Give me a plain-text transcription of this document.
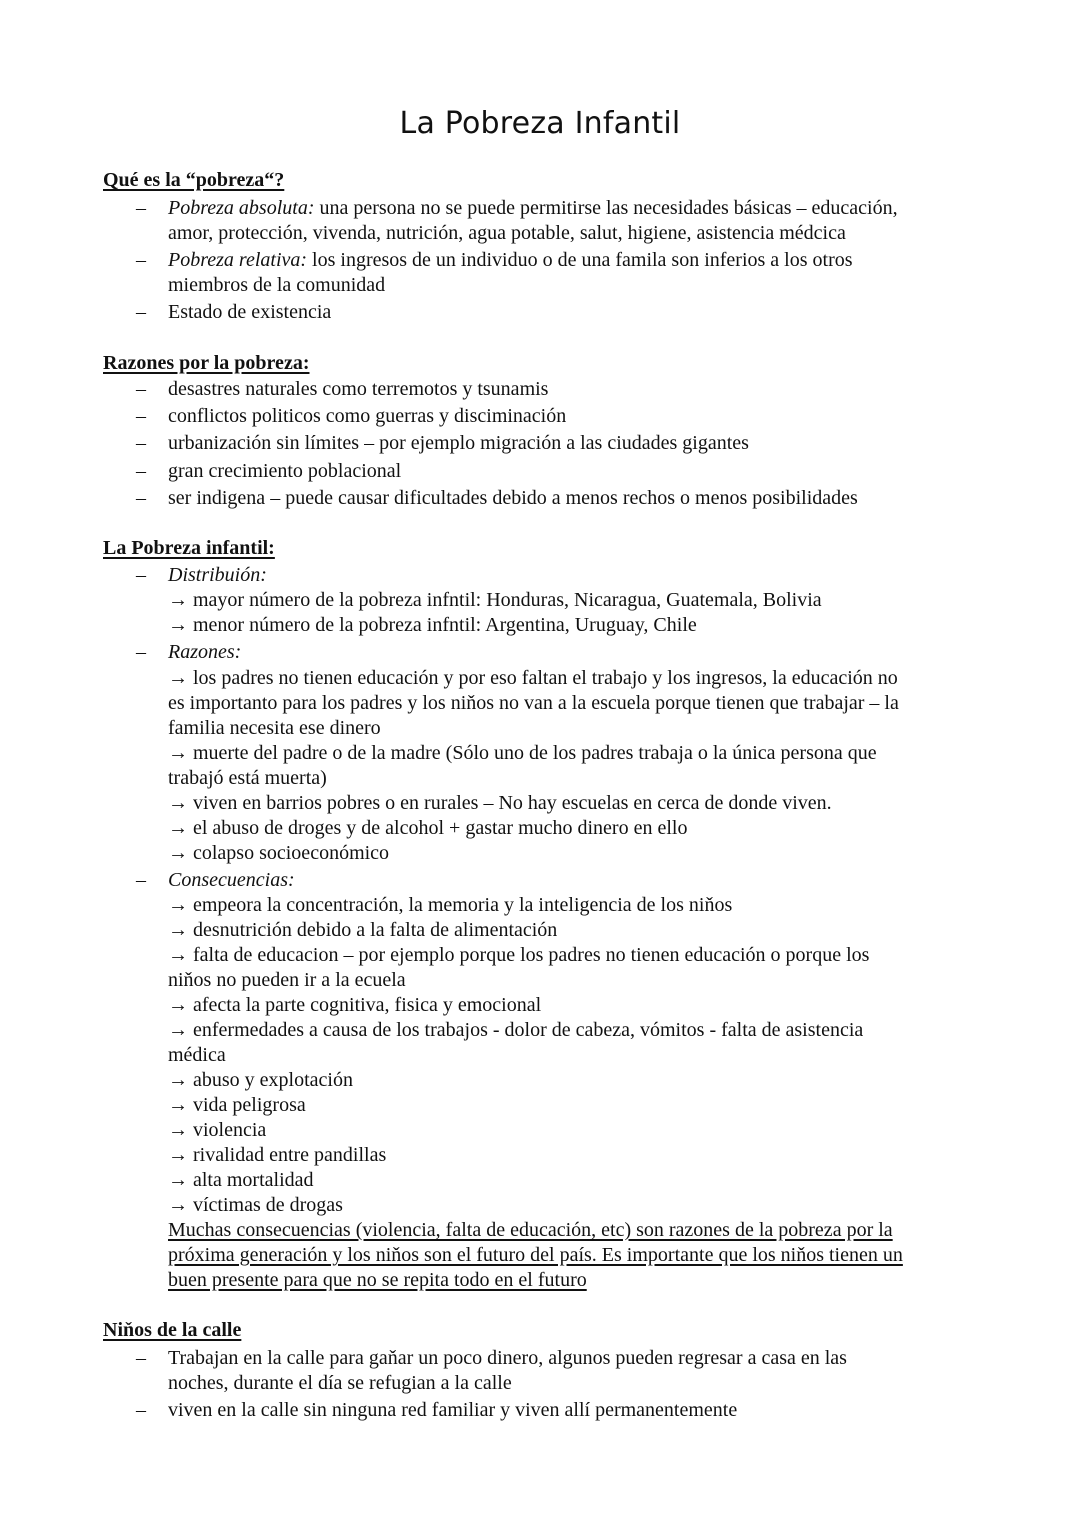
La Pobreza Infantil
Qué es la “pobreza“?
–	Pobreza absoluta: una persona no se puede permitirse las necesidades básicas – educación,
amor, protección, vivenda, nutrición, agua potable, salut, higiene, asistencia médcica
–	Pobreza relativa: los ingresos de un individuo o de una famila son inferios a los otros
miembros de la comunidad
–	Estado de existencia
Razones por la pobreza:
–	desastres naturales como terremotos y tsunamis
–	conflictos politicos como guerras y disciminación
–	urbanización sin límites – por ejemplo migración a las ciudades gigantes
–	gran crecimiento poblacional
–	ser indigena – puede causar dificultades debido a menos rechos o menos posibilidades
La Pobreza infantil:
–	Distribuión:
→ mayor número de la pobreza infntil: Honduras, Nicaragua, Guatemala, Bolivia
→ menor número de la pobreza infntil: Argentina, Uruguay, Chile
–	Razones:
→ los padres no tienen educación y por eso faltan el trabajo y los ingresos, la educación no
es importanto para los padres y los niňos no van a la escuela porque tienen que trabajar – la
familia necesita ese dinero
→ muerte del padre o de la madre (Sólo uno de los padres trabaja o la única persona que
trabajó está muerta)
→ viven en barrios pobres o en rurales – No hay escuelas en cerca de donde viven.
→ el abuso de droges y de alcohol + gastar mucho dinero en ello
→ colapso socioeconómico
–	Consecuencias:
→ empeora la concentración, la memoria y la inteligencia de los niňos
→ desnutrición debido a la falta de alimentación
→ falta de educacion – por ejemplo porque los padres no tienen educación o porque los
niňos no pueden ir a la ecuela
→ afecta la parte cognitiva, fisica y emocional
→ enfermedades a causa de los trabajos - dolor de cabeza, vómitos - falta de asistencia
médica
→ abuso y explotación
→ vida peligrosa
→ violencia
→ rivalidad entre pandillas
→ alta mortalidad
→ víctimas de drogas
Muchas consecuencias (violencia, falta de educación, etc) son razones de la pobreza por la
próxima generación y los niňos son el futuro del país. Es importante que los niňos tienen un
buen presente para que no se repita todo en el futuro
Niňos de la calle
–	Trabajan en la calle para gaňar un poco dinero, algunos pueden regresar a casa en las
noches, durante el día se refugian a la calle
–	viven en la calle sin ninguna red familiar y viven allí permanentemente
